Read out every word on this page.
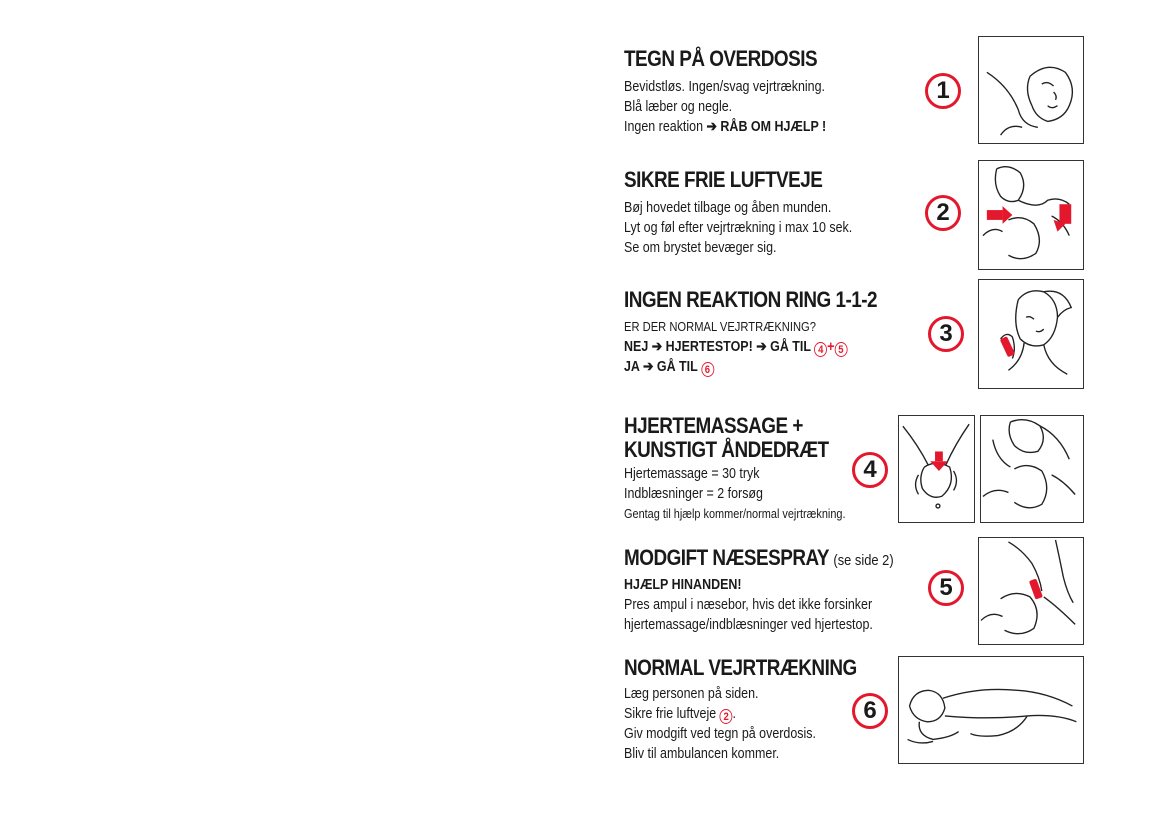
TEGN PÅ OVERDOSIS
Bevidstløs. Ingen/svag vejrtrækning.
Blå læber og negle.
Ingen reaktion ➔ RÅB OM HJÆLP !
1
SIKRE FRIE LUFTVEJE
Bøj hovedet tilbage og åben munden.
Lyt og føl efter vejrtrækning i max 10 sek.
Se om brystet bevæger sig.
2
INGEN REAKTION RING 1-1-2
ER DER NORMAL VEJRTRÆKNING?
NEJ ➔ HJERTESTOP! ➔ GÅ TIL 4 + 5
JA ➔ GÅ TIL 6
3
HJERTEMASSAGE +
KUNSTIGT ÅNDEDRÆT
Hjertemassage = 30 tryk
Indblæsninger = 2 forsøg
Gentag til hjælp kommer/normal vejrtrækning.
4
MODGIFT NÆSESPRAY (se side 2)
HJÆLP HINANDEN!
Pres ampul i næsebor, hvis det ikke forsinker
hjertemassage/indblæsninger ved hjertestop.
5
NORMAL VEJRTRÆKNING
Læg personen på siden.
Sikre frie luftveje 2 .
Giv modgift ved tegn på overdosis.
Bliv til ambulancen kommer.
6
